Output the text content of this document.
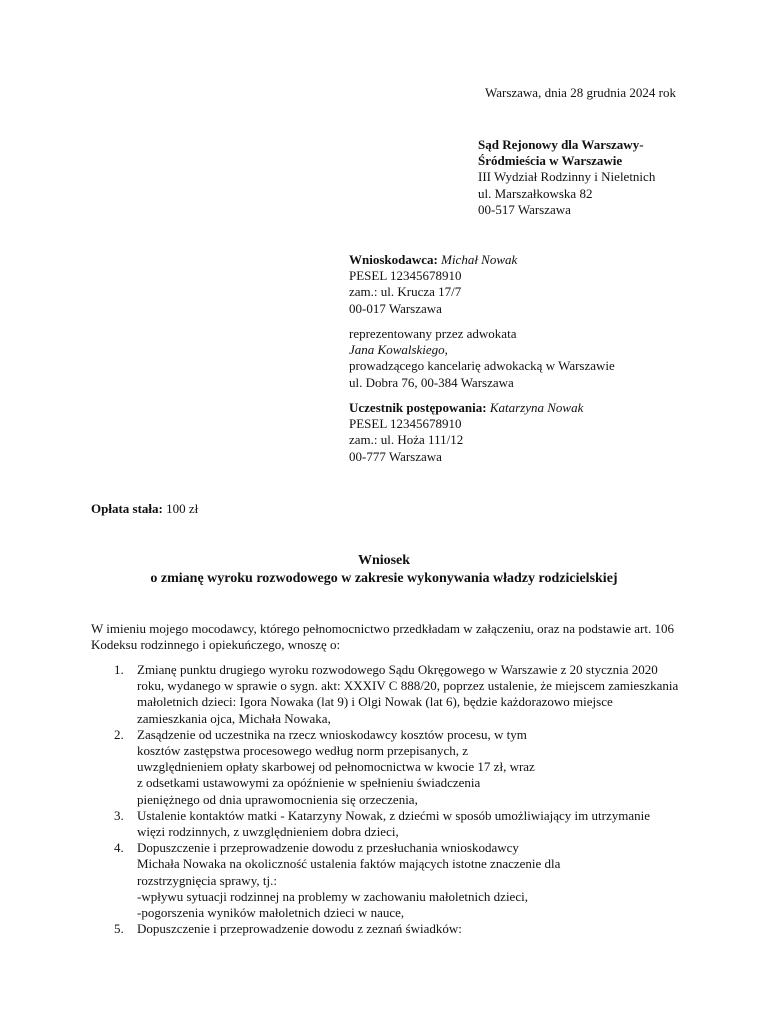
Warszawa, dnia 28 grudnia 2024 rok
Sąd Rejonowy dla Warszawy-
Śródmieścia w Warszawie
III Wydział Rodzinny i Nieletnich
ul. Marszałkowska 82
00-517 Warszawa
Wnioskodawca: Michał Nowak
PESEL 12345678910
zam.: ul. Krucza 17/7
00-017 Warszawa
reprezentowany przez adwokata
Jana Kowalskiego,
prowadzącego kancelarię adwokacką w Warszawie
ul. Dobra 76, 00-384 Warszawa
Uczestnik postępowania: Katarzyna Nowak
PESEL 12345678910
zam.: ul. Hoża 111/12
00-777 Warszawa
Opłata stała: 100 zł
Wniosek
o zmianę wyroku rozwodowego w zakresie wykonywania władzy rodzicielskiej
W imieniu mojego mocodawcy, którego pełnomocnictwo przedkładam w załączeniu, oraz na podstawie art. 106
Kodeksu rodzinnego i opiekuńczego, wnoszę o:
1. Zmianę punktu drugiego wyroku rozwodowego Sądu Okręgowego w Warszawie z 20 stycznia 2020
roku, wydanego w sprawie o sygn. akt: XXXIV C 888/20, poprzez ustalenie, że miejscem zamieszkania
małoletnich dzieci: Igora Nowaka (lat 9) i Olgi Nowak (lat 6), będzie każdorazowo miejsce
zamieszkania ojca, Michała Nowaka,
2. Zasądzenie od uczestnika na rzecz wnioskodawcy kosztów procesu, w tym
kosztów zastępstwa procesowego według norm przepisanych, z
uwzględnieniem opłaty skarbowej od pełnomocnictwa w kwocie 17 zł, wraz
z odsetkami ustawowymi za opóźnienie w spełnieniu świadczenia
pieniężnego od dnia uprawomocnienia się orzeczenia,
3. Ustalenie kontaktów matki - Katarzyny Nowak, z dziećmi w sposób umożliwiający im utrzymanie
więzi rodzinnych, z uwzględnieniem dobra dzieci,
4. Dopuszczenie i przeprowadzenie dowodu z przesłuchania wnioskodawcy
Michała Nowaka na okoliczność ustalenia faktów mających istotne znaczenie dla
rozstrzygnięcia sprawy, tj.:
-wpływu sytuacji rodzinnej na problemy w zachowaniu małoletnich dzieci,
-pogorszenia wyników małoletnich dzieci w nauce,
5. Dopuszczenie i przeprowadzenie dowodu z zeznań świadków:
